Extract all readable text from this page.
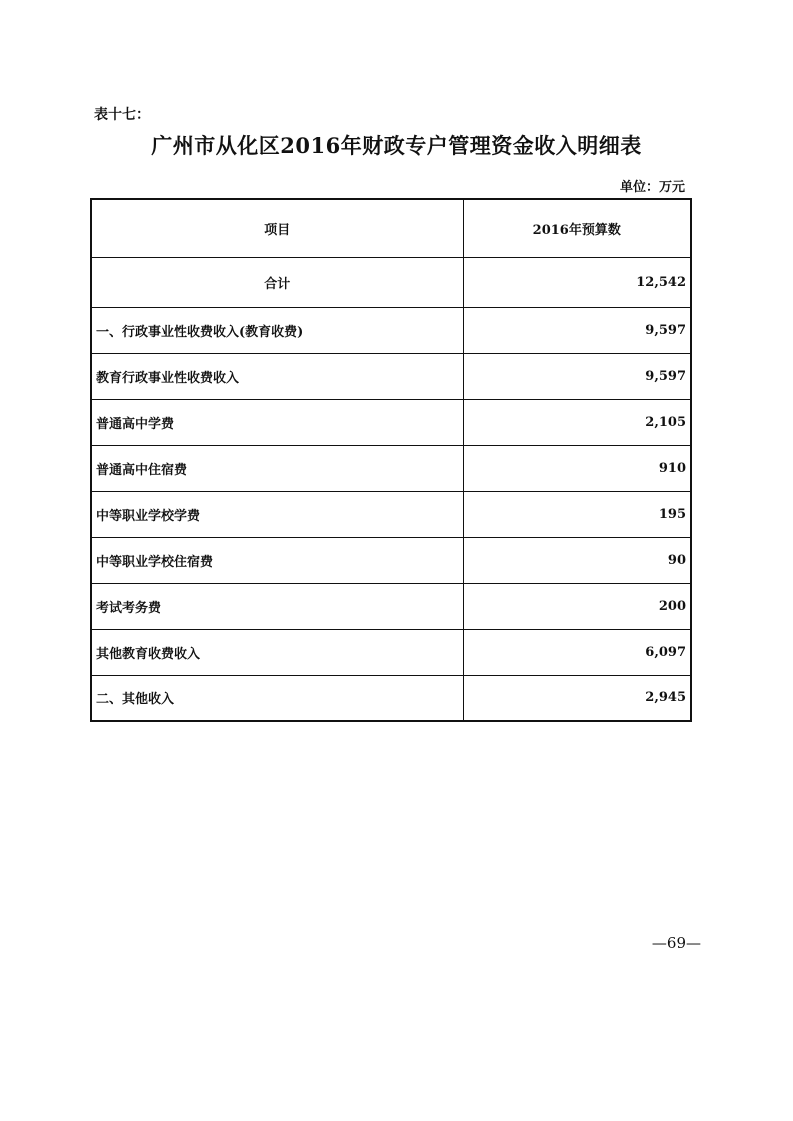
表十七：
广州市从化区2016年财政专户管理资金收入明细表
单位：万元
项目	2016年预算数
合计	12,542
一、行政事业性收费收入(教育收费)	9,597
教育行政事业性收费收入	9,597
普通高中学费	2,105
普通高中住宿费	910
中等职业学校学费	195
中等职业学校住宿费	90
考试考务费	200
其他教育收费收入	6,097
二、其他收入	2,945
—69—
